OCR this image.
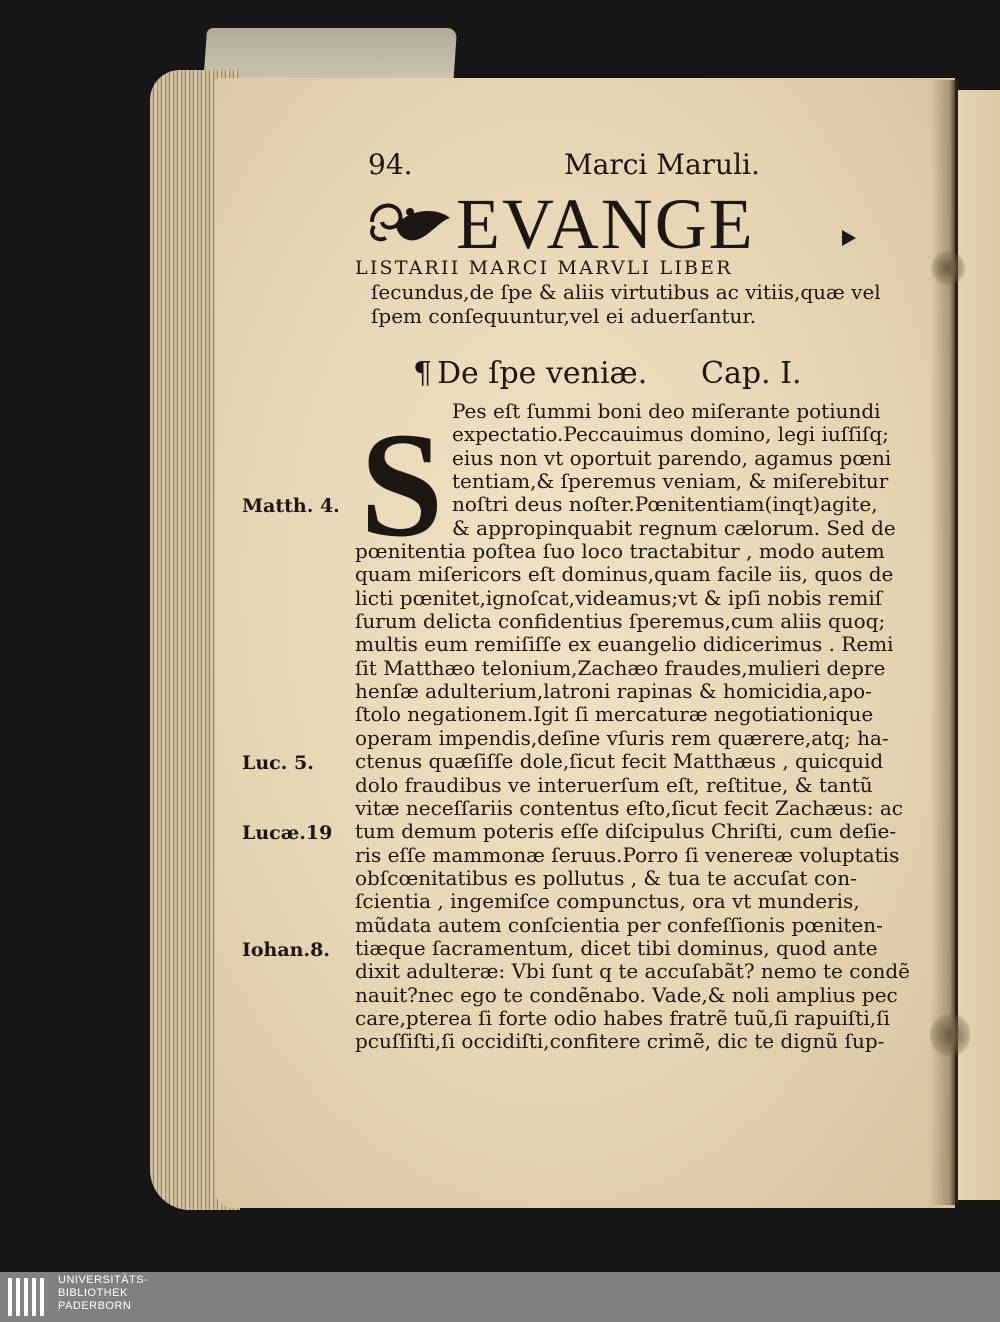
94.	Marci Maruli.
EVANGE
LISTARII MARCI MARVLI LIBER
ſecundus,de ſpe & aliis virtutibus ac vitiis,quæ vel
ſpem conſequuntur,vel ei aduerſantur.
¶ De ſpe veniæ. Cap. I.
S Pes eſt ſummi boni deo miſerante potiundi
expectatio.Peccauimus domino, legi iuſſiſq;
eius non vt oportuit parendo, agamus pœni
tentiam,& ſperemus veniam, & miſerebitur
noſtri deus noſter.Pœnitentiam(inqt)agite,
& appropinquabit regnum cælorum. Sed de
pœnitentia poſtea ſuo loco tractabitur , modo autem
quam miſericors eſt dominus,quam facile iis, quos de
licti pœnitet,ignoſcat,videamus;vt & ipſi nobis remiſ
ſurum delicta confidentius ſperemus,cum aliis quoq;
multis eum remiſiſſe ex euangelio didicerimus . Remi
ſit Matthæo telonium,Zachæo fraudes,mulieri depre
henſæ adulterium,latroni rapinas & homicidia,apo-
ſtolo negationem.Igit ſi mercaturæ negotiationique
operam impendis,deſine vſuris rem quærere,atq; ha-
ctenus quæſiſſe dole,ſicut fecit Matthæus , quicquid
dolo fraudibus ve interuerſum eſt, reſtitue, & tantũ
vitæ neceſſariis contentus eſto,ſicut fecit Zachæus: ac
tum demum poteris eſſe diſcipulus Chriſti, cum deſie-
ris eſſe mammonæ ſeruus.Porro ſi venereæ voluptatis
obſcœnitatibus es pollutus , & tua te accuſat con-
ſcientia , ingemiſce compunctus, ora vt munderis,
mũdata autem conſcientia per confeſſionis pœniten-
tiæque ſacramentum, dicet tibi dominus, quod ante
dixit adulteræ: Vbi ſunt q te accuſabãt? nemo te condẽ
nauit?nec ego te condẽnabo. Vade,& noli amplius pec
care,pterea ſi forte odio habes fratrẽ tuũ,ſi rapuiſti,ſi
pcuſſiſti,ſi occidiſti,confitere crimẽ, dic te dignũ ſup-
Matth. 4.
Luc. 5.
Lucæ.19
Iohan.8.
UNIVERSITÄTS-
BIBLIOTHEK
PADERBORN
